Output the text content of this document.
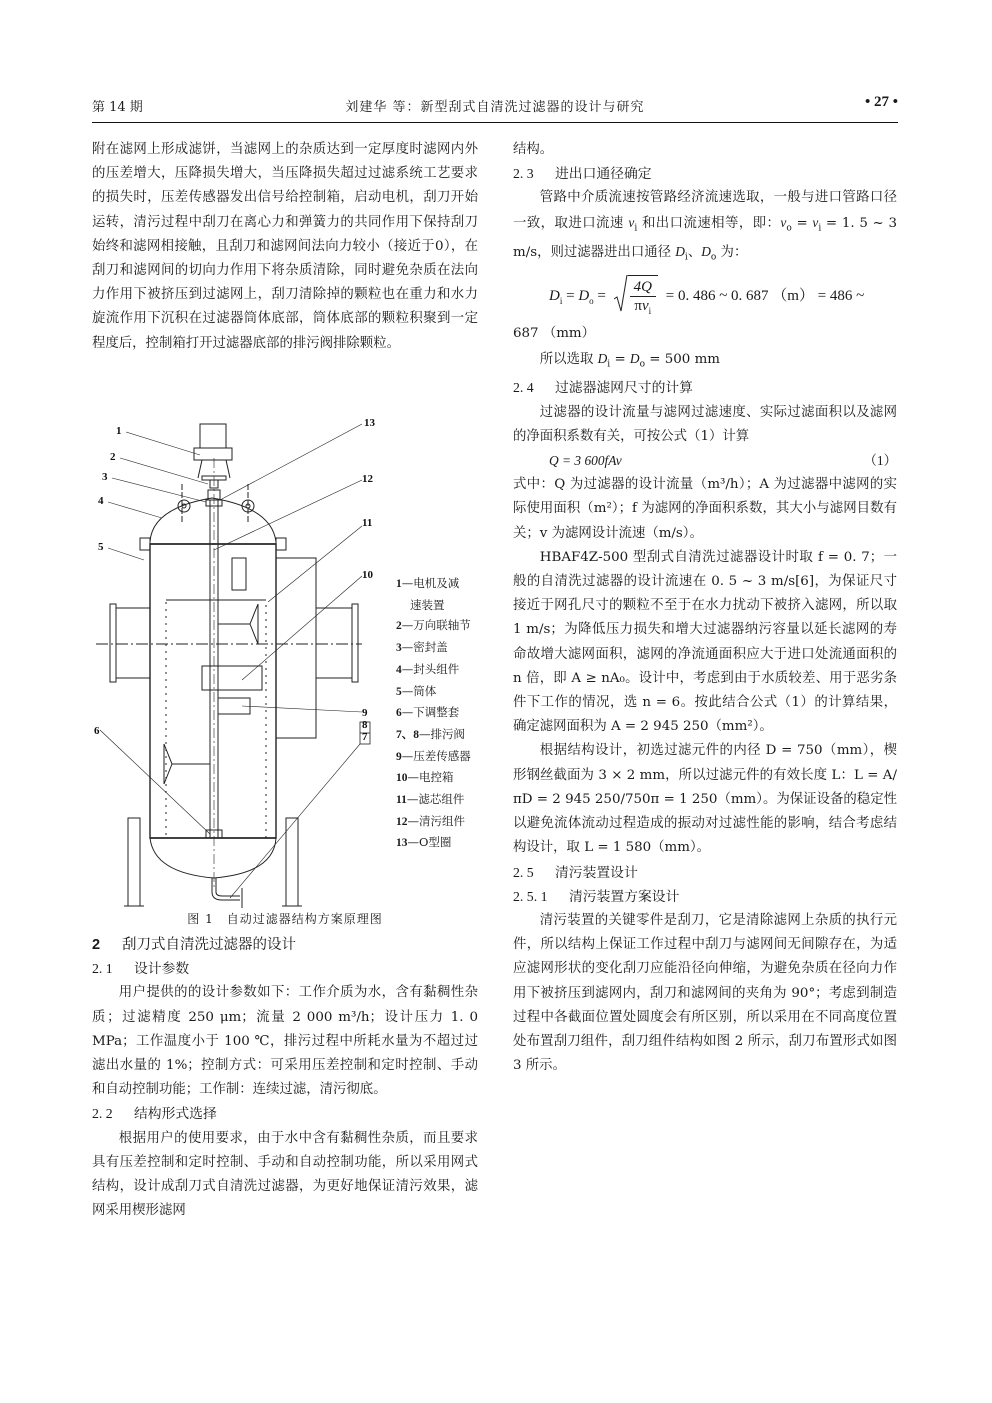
第 14 期	刘建华 等：新型刮式自清洗过滤器的设计与研究	• 27 •

附在滤网上形成滤饼，当滤网上的杂质达到一定厚度时滤网内外的压差增大，压降损失增大，当压降损失超过过滤系统工艺要求的损失时，压差传感器发出信号给控制箱，启动电机，刮刀开始运转，清污过程中刮刀在离心力和弹簧力的共同作用下保持刮刀始终和滤网相接触，且刮刀和滤网间法向力较小（接近于0），在刮刀和滤网间的切向力作用下将杂质清除，同时避免杂质在法向力作用下被挤压到过滤网上，刮刀清除掉的颗粒也在重力和水力旋流作用下沉积在过滤器筒体底部，筒体底部的颗粒积聚到一定程度后，控制箱打开过滤器底部的排污阀排除颗粒。

1
2
3
4
5
6	7
8
9
10
11
12
13
1—电机及减
速装置
2—万向联轴节
3—密封盖
4—封头组件
5—筒体
6—下调整套
7、8—排污阀
9—压差传感器
10—电控箱
11—滤芯组件
12—清污组件
13—O型圈
图 1　自动过滤器结构方案原理图

2 刮刀式自清洗过滤器的设计

2. 1 设计参数

用户提供的的设计参数如下：工作介质为水，含有黏稠性杂质；过滤精度 250 μm；流量 2 000 m³/h；设计压力 1. 0 MPa；工作温度小于 100 ℃，排污过程中所耗水量为不超过过滤出水量的 1%；控制方式：可采用压差控制和定时控制、手动和自动控制功能；工作制：连续过滤，清污彻底。

2. 2 结构形式选择

根据用户的使用要求，由于水中含有黏稠性杂质，而且要求具有压差控制和定时控制、手动和自动控制功能，所以采用网式结构，设计成刮刀式自清洗过滤器，为更好地保证清污效果，滤网采用楔形滤网

结构。

2. 3 进出口通径确定

管路中介质流速按管路经济流速选取，一般与进口管路口径一致，取进口流速 $v_i$ 和出口流速相等，即：$v_o = v_i = 1$. 5 ~ 3 m/s，则过滤器进出口通径 $D_i$、$D_o$ 为：

$D_i = D_o = \frac{4Q}{\pi v_i} = 0$. 486 ~ 0. 687 （m） = 486 ~

687 （mm）

所以选取 $D_i = D_o = 500$ mm

2. 4 过滤器滤网尺寸的计算

过滤器的设计流量与滤网过滤速度、实际过滤面积以及滤网的净面积系数有关，可按公式（1）计算

Q = 3 600fAv	（1）

式中：Q 为过滤器的设计流量（m³/h）；A 为过滤器中滤网的实际使用面积（m²）；f 为滤网的净面积系数，其大小与滤网目数有关；v 为滤网设计流速（m/s）。

HBAF4Z-500 型刮式自清洗过滤器设计时取 f = 0. 7；一般的自清洗过滤器的设计流速在 0. 5 ~ 3 m/s[6]，为保证尺寸接近于网孔尺寸的颗粒不至于在水力扰动下被挤入滤网，所以取 1 m/s；为降低压力损失和增大过滤器纳污容量以延长滤网的寿命故增大滤网面积，滤网的净流通面积应大于进口处流通面积的 n 倍，即 A ≥ nA₀。设计中，考虑到由于水质较差、用于恶劣条件下工作的情况，选 n = 6。按此结合公式（1）的计算结果，确定滤网面积为 A = 2 945 250（mm²）。

根据结构设计，初选过滤元件的内径 D = 750（mm），楔形钢丝截面为 3 × 2 mm，所以过滤元件的有效长度 L：L = A/πD = 2 945 250/750π = 1 250（mm）。为保证设备的稳定性以避免流体流动过程造成的振动对过滤性能的影响，结合考虑结构设计，取 L = 1 580（mm）。

2. 5 清污装置设计

2. 5. 1 清污装置方案设计

清污装置的关键零件是刮刀，它是清除滤网上杂质的执行元件，所以结构上保证工作过程中刮刀与滤网间无间隙存在，为适应滤网形状的变化刮刀应能沿径向伸缩，为避免杂质在径向力作用下被挤压到滤网内，刮刀和滤网间的夹角为 90°；考虑到制造过程中各截面位置处圆度会有所区别，所以采用在不同高度位置处布置刮刀组件，刮刀组件结构如图 2 所示，刮刀布置形式如图 3 所示。
